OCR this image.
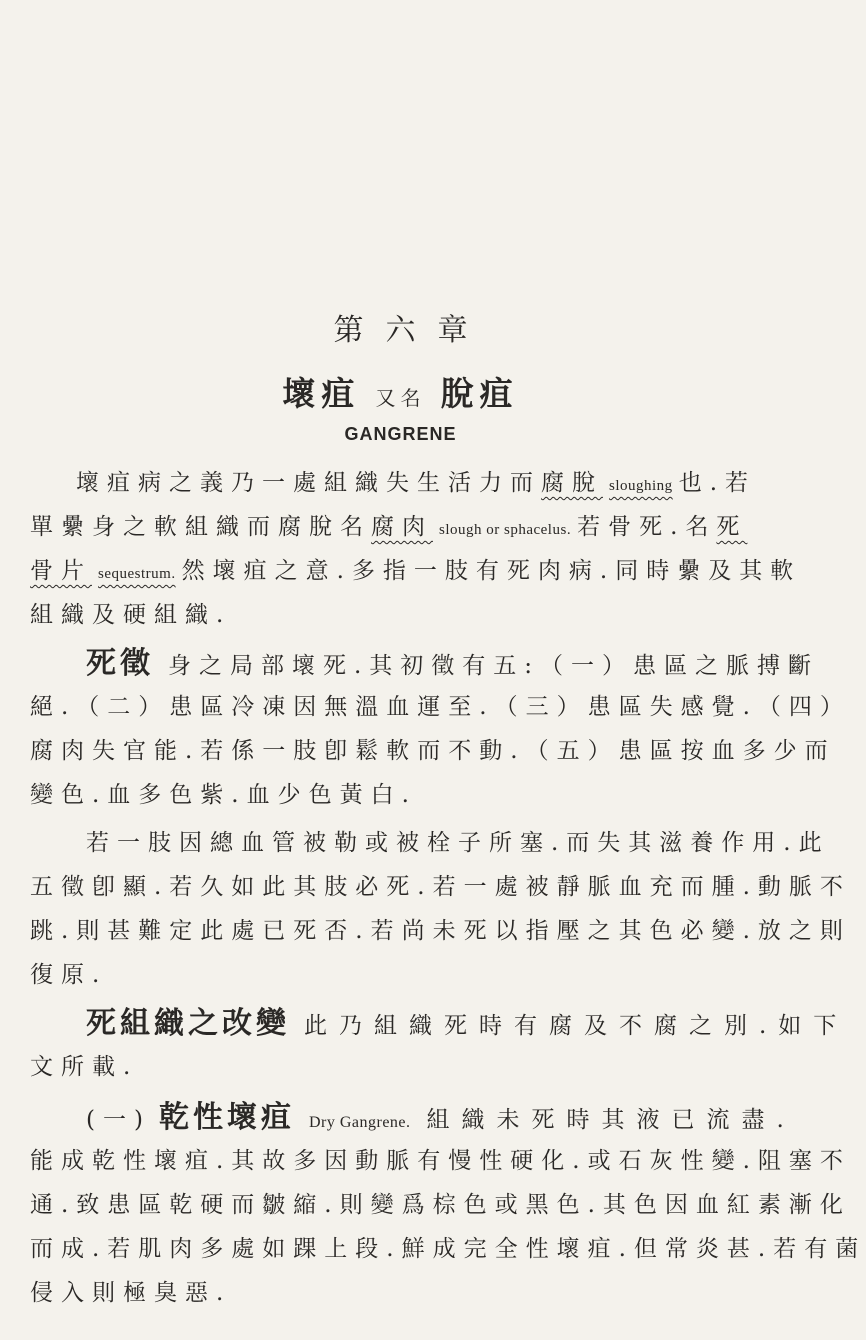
第六章
壞疽 又名 脫疽
GANGRENE
壞疽病之義乃一處組織失生活力而腐脫 sloughing 也.若
單纍身之軟組織而腐脫名腐肉 slough or sphacelus. 若骨死.名死
骨片 sequestrum. 然壞疽之意.多指一肢有死肉病.同時纍及其軟
組織及硬組織.
死徵 身之局部壞死.其初徵有五:（一）患區之脈搏斷
絕.（二）患區冷凍因無溫血運至.（三）患區失感覺.（四）
腐肉失官能.若係一肢卽鬆軟而不動.（五）患區按血多少而
變色.血多色紫.血少色黃白.
若一肢因總血管被勒或被栓子所塞.而失其滋養作用.此
五徵卽顯.若久如此其肢必死.若一處被靜脈血充而腫.動脈不
跳.則甚難定此處已死否.若尚未死以指壓之其色必變.放之則
復原.
死組織之改變 此乃組織死時有腐及不腐之別.如下
文所載.
(一) 乾性壞疽 Dry Gangrene. 組織未死時其液已流盡.
能成乾性壞疽.其故多因動脈有慢性硬化.或石灰性變.阻塞不
通.致患區乾硬而皺縮.則變爲棕色或黑色.其色因血紅素漸化
而成.若肌肉多處如踝上段.鮮成完全性壞疽.但常炎甚.若有菌
侵入則極臭惡.
